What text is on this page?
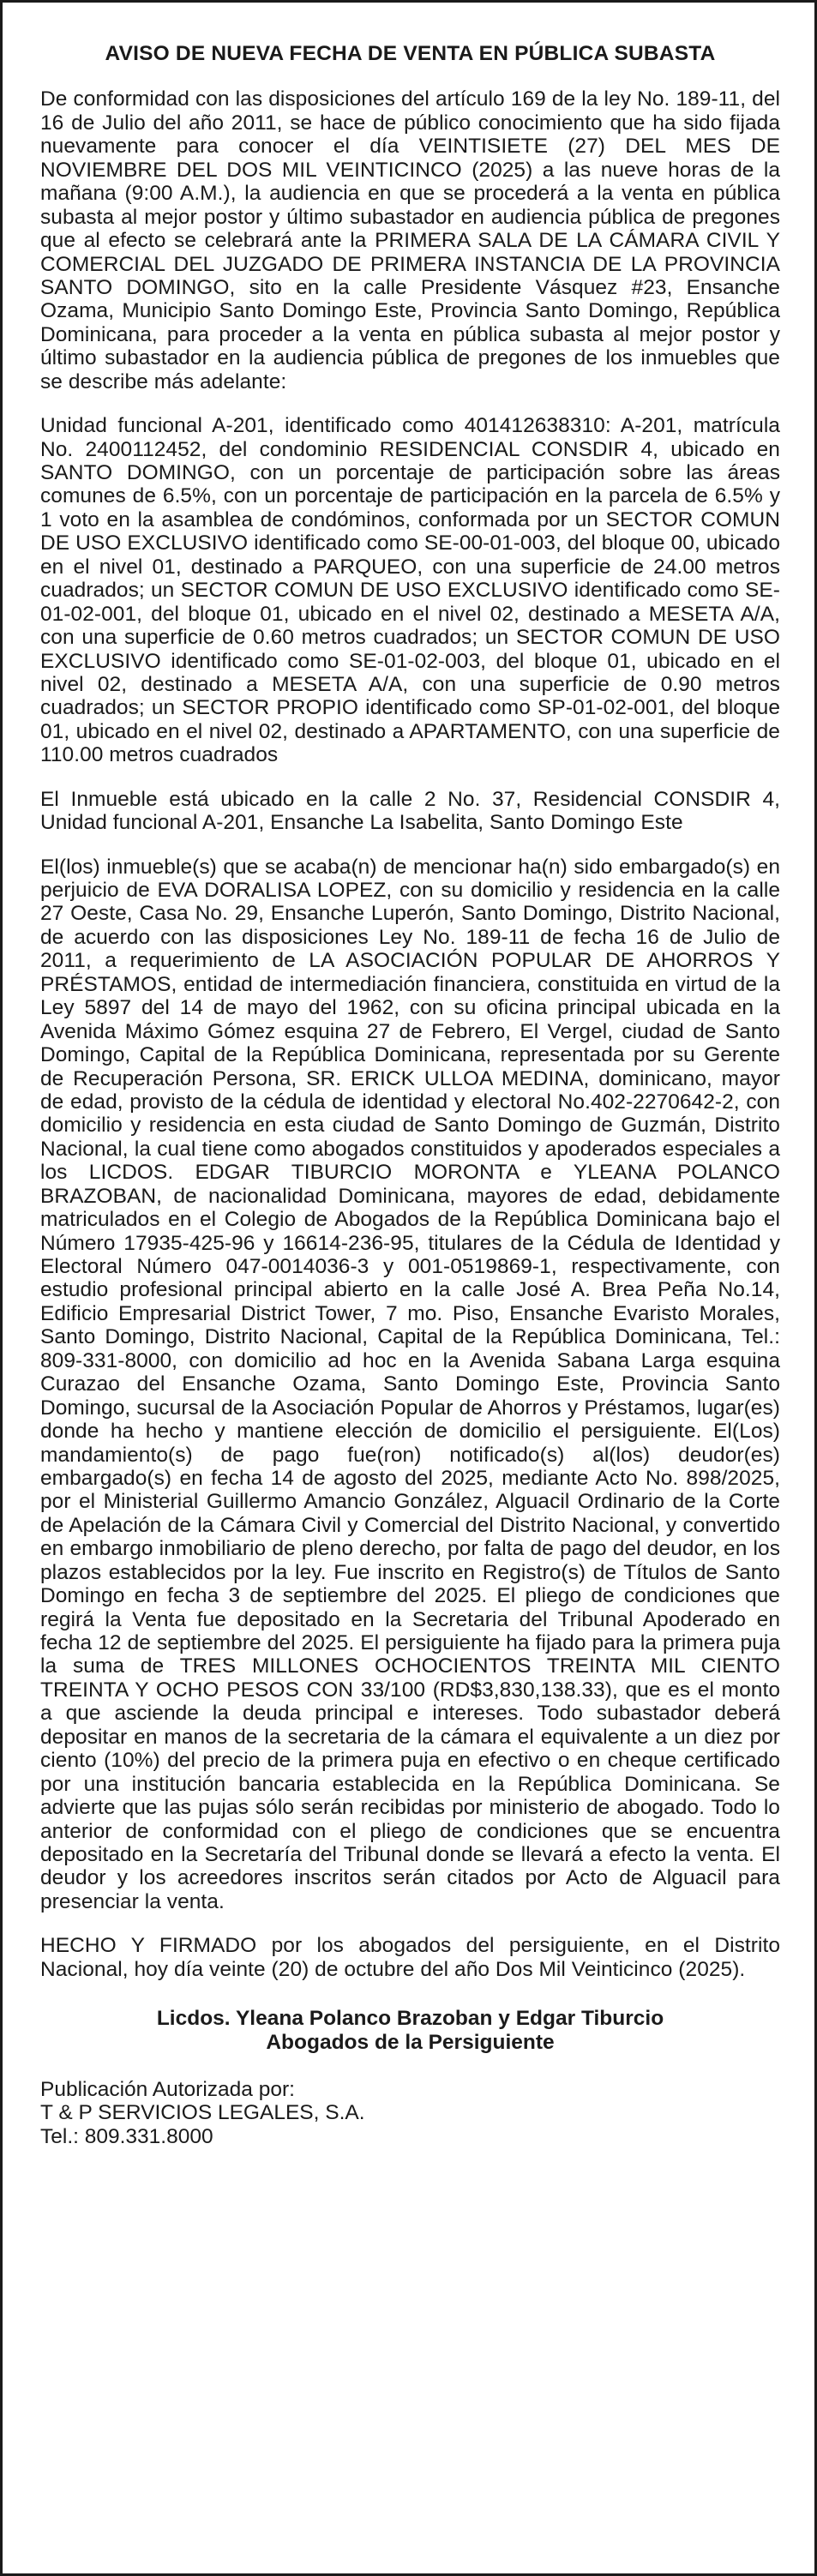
AVISO DE NUEVA FECHA DE VENTA EN PÚBLICA SUBASTA
De conformidad con las disposiciones del artículo 169 de la ley No. 189-11, del 16 de Julio del año 2011, se hace de público conocimiento que ha sido fijada nuevamente para conocer el día VEINTISIETE (27) DEL MES DE NOVIEMBRE DEL DOS MIL VEINTICINCO (2025) a las nueve horas de la mañana (9:00 A.M.), la audiencia en que se procederá a la venta en pública subasta al mejor postor y último subastador en audiencia pública de pregones que al efecto se celebrará ante la PRIMERA SALA DE LA CÁMARA CIVIL Y COMERCIAL DEL JUZGADO DE PRIMERA INSTANCIA DE LA PROVINCIA SANTO DOMINGO, sito en la calle Presidente Vásquez #23, Ensanche Ozama, Municipio Santo Domingo Este, Provincia Santo Domingo, República Dominicana, para proceder a la venta en pública subasta al mejor postor y último subastador en la audiencia pública de pregones de los inmuebles que se describe más adelante:
Unidad funcional A-201, identificado como 401412638310: A-201, matrícula No. 2400112452, del condominio RESIDENCIAL CONSDIR 4, ubicado en SANTO DOMINGO, con un porcentaje de participación sobre las áreas comunes de 6.5%, con un porcentaje de participación en la parcela de 6.5% y 1 voto en la asamblea de condóminos, conformada por un SECTOR COMUN DE USO EXCLUSIVO identificado como SE-00-01-003, del bloque 00, ubicado en el nivel 01, destinado a PARQUEO, con una superficie de 24.00 metros cuadrados; un SECTOR COMUN DE USO EXCLUSIVO identificado como SE-01-02-001, del bloque 01, ubicado en el nivel 02, destinado a MESETA A/A, con una superficie de 0.60 metros cuadrados; un SECTOR COMUN DE USO EXCLUSIVO identificado como SE-01-02-003, del bloque 01, ubicado en el nivel 02, destinado a MESETA A/A, con una superficie de 0.90 metros cuadrados; un SECTOR PROPIO identificado como SP-01-02-001, del bloque 01, ubicado en el nivel 02, destinado a APARTAMENTO, con una superficie de 110.00 metros cuadrados
El Inmueble está ubicado en la calle 2 No. 37, Residencial CONSDIR 4, Unidad funcional A-201, Ensanche La Isabelita, Santo Domingo Este
El(los) inmueble(s) que se acaba(n) de mencionar ha(n) sido embargado(s) en perjuicio de EVA DORALISA LOPEZ, con su domicilio y residencia en la calle 27 Oeste, Casa No. 29, Ensanche Luperón, Santo Domingo, Distrito Nacional, de acuerdo con las disposiciones Ley No. 189-11 de fecha 16 de Julio de 2011, a requerimiento de LA ASOCIACIÓN POPULAR DE AHORROS Y PRÉSTAMOS, entidad de intermediación financiera, constituida en virtud de la Ley 5897 del 14 de mayo del 1962, con su oficina principal ubicada en la Avenida Máximo Gómez esquina 27 de Febrero, El Vergel, ciudad de Santo Domingo, Capital de la República Dominicana, representada por su Gerente de Recuperación Persona, SR. ERICK ULLOA MEDINA, dominicano, mayor de edad, provisto de la cédula de identidad y electoral No.402-2270642-2, con domicilio y residencia en esta ciudad de Santo Domingo de Guzmán, Distrito Nacional, la cual tiene como abogados constituidos y apoderados especiales a los LICDOS. EDGAR TIBURCIO MORONTA e YLEANA POLANCO BRAZOBAN, de nacionalidad Dominicana, mayores de edad, debidamente matriculados en el Colegio de Abogados de la República Dominicana bajo el Número 17935-425-96 y 16614-236-95, titulares de la Cédula de Identidad y Electoral Número 047-0014036-3 y 001-0519869-1, respectivamente, con estudio profesional principal abierto en la calle José A. Brea Peña No.14, Edificio Empresarial District Tower, 7 mo. Piso, Ensanche Evaristo Morales, Santo Domingo, Distrito Nacional, Capital de la República Dominicana, Tel.: 809-331-8000, con domicilio ad hoc en la Avenida Sabana Larga esquina Curazao del Ensanche Ozama, Santo Domingo Este, Provincia Santo Domingo, sucursal de la Asociación Popular de Ahorros y Préstamos, lugar(es) donde ha hecho y mantiene elección de domicilio el persiguiente. El(Los) mandamiento(s) de pago fue(ron) notificado(s) al(los) deudor(es) embargado(s) en fecha 14 de agosto del 2025, mediante Acto No. 898/2025, por el Ministerial Guillermo Amancio González, Alguacil Ordinario de la Corte de Apelación de la Cámara Civil y Comercial del Distrito Nacional, y convertido en embargo inmobiliario de pleno derecho, por falta de pago del deudor, en los plazos establecidos por la ley. Fue inscrito en Registro(s) de Títulos de Santo Domingo en fecha 3 de septiembre del 2025. El pliego de condiciones que regirá la Venta fue depositado en la Secretaria del Tribunal Apoderado en fecha 12 de septiembre del 2025. El persiguiente ha fijado para la primera puja la suma de TRES MILLONES OCHOCIENTOS TREINTA MIL CIENTO TREINTA Y OCHO PESOS CON 33/100 (RD$3,830,138.33), que es el monto a que asciende la deuda principal e intereses. Todo subastador deberá depositar en manos de la secretaria de la cámara el equivalente a un diez por ciento (10%) del precio de la primera puja en efectivo o en cheque certificado por una institución bancaria establecida en la República Dominicana. Se advierte que las pujas sólo serán recibidas por ministerio de abogado. Todo lo anterior de conformidad con el pliego de condiciones que se encuentra depositado en la Secretaría del Tribunal donde se llevará a efecto la venta. El deudor y los acreedores inscritos serán citados por Acto de Alguacil para presenciar la venta.
HECHO Y FIRMADO por los abogados del persiguiente, en el Distrito Nacional, hoy día veinte (20) de octubre del año Dos Mil Veinticinco (2025).
Licdos. Yleana Polanco Brazoban y Edgar Tiburcio
Abogados de la Persiguiente
Publicación Autorizada por:
T & P SERVICIOS LEGALES, S.A.
Tel.: 809.331.8000
